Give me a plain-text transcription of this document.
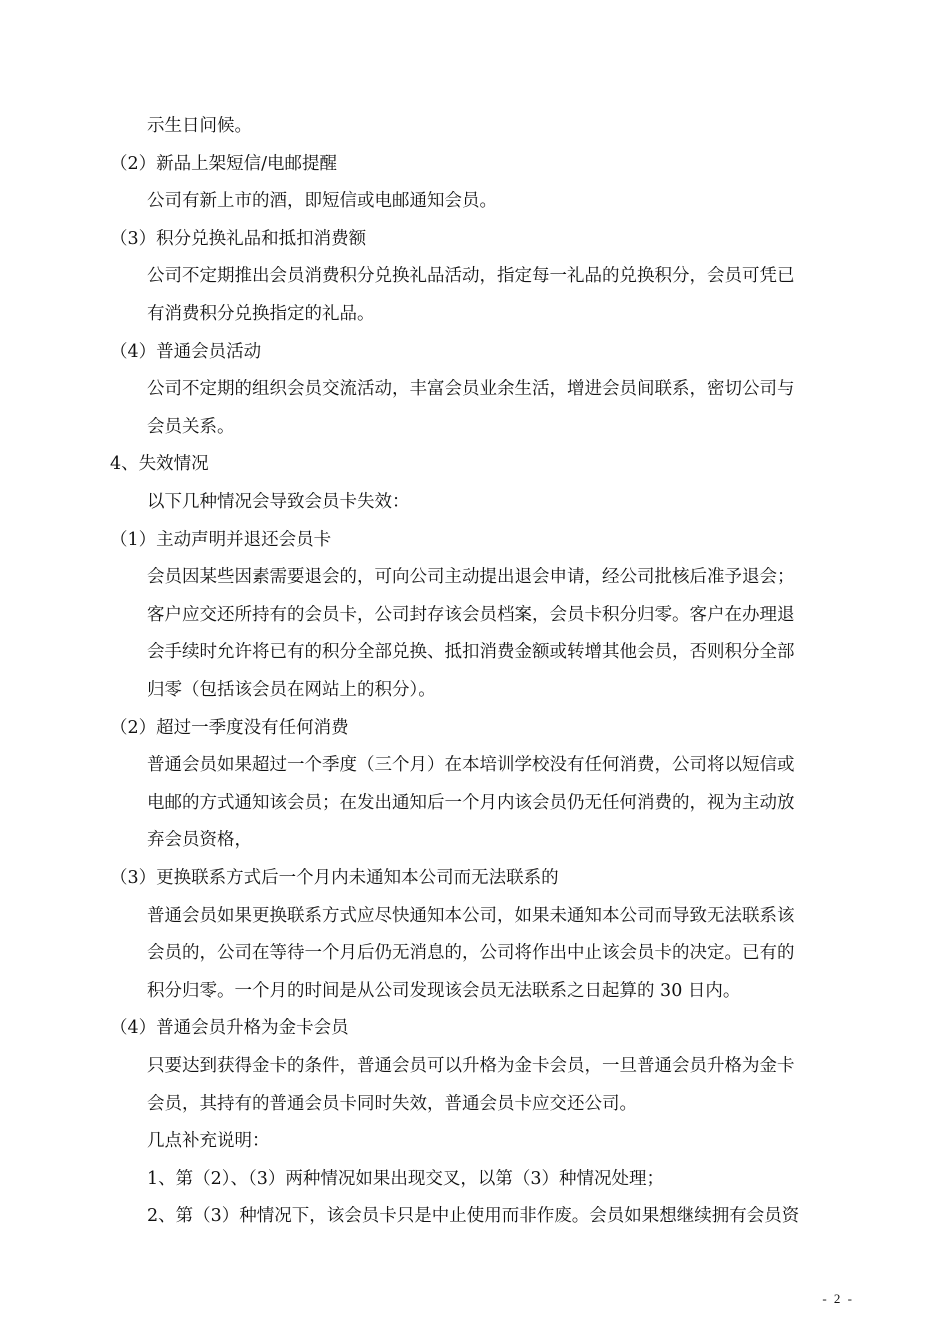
示生日问候。
（2）新品上架短信/电邮提醒
公司有新上市的酒，即短信或电邮通知会员。
（3）积分兑换礼品和抵扣消费额
公司不定期推出会员消费积分兑换礼品活动，指定每一礼品的兑换积分，会员可凭已
有消费积分兑换指定的礼品。
（4）普通会员活动
公司不定期的组织会员交流活动，丰富会员业余生活，增进会员间联系，密切公司与
会员关系。
4、失效情况
以下几种情况会导致会员卡失效：
（1）主动声明并退还会员卡
会员因某些因素需要退会的，可向公司主动提出退会申请，经公司批核后准予退会；
客户应交还所持有的会员卡，公司封存该会员档案，会员卡积分归零。客户在办理退
会手续时允许将已有的积分全部兑换、抵扣消费金额或转增其他会员，否则积分全部
归零（包括该会员在网站上的积分）。
（2）超过一季度没有任何消费
普通会员如果超过一个季度（三个月）在本培训学校没有任何消费，公司将以短信或
电邮的方式通知该会员；在发出通知后一个月内该会员仍无任何消费的，视为主动放
弃会员资格，
（3）更换联系方式后一个月内未通知本公司而无法联系的
普通会员如果更换联系方式应尽快通知本公司，如果未通知本公司而导致无法联系该
会员的，公司在等待一个月后仍无消息的，公司将作出中止该会员卡的决定。已有的
积分归零。一个月的时间是从公司发现该会员无法联系之日起算的 30 日内。
（4）普通会员升格为金卡会员
只要达到获得金卡的条件，普通会员可以升格为金卡会员，一旦普通会员升格为金卡
会员，其持有的普通会员卡同时失效，普通会员卡应交还公司。
几点补充说明：
1、第（2）、（3）两种情况如果出现交叉，以第（3）种情况处理；
2、第（3）种情况下，该会员卡只是中止使用而非作废。会员如果想继续拥有会员资
- 2 -
